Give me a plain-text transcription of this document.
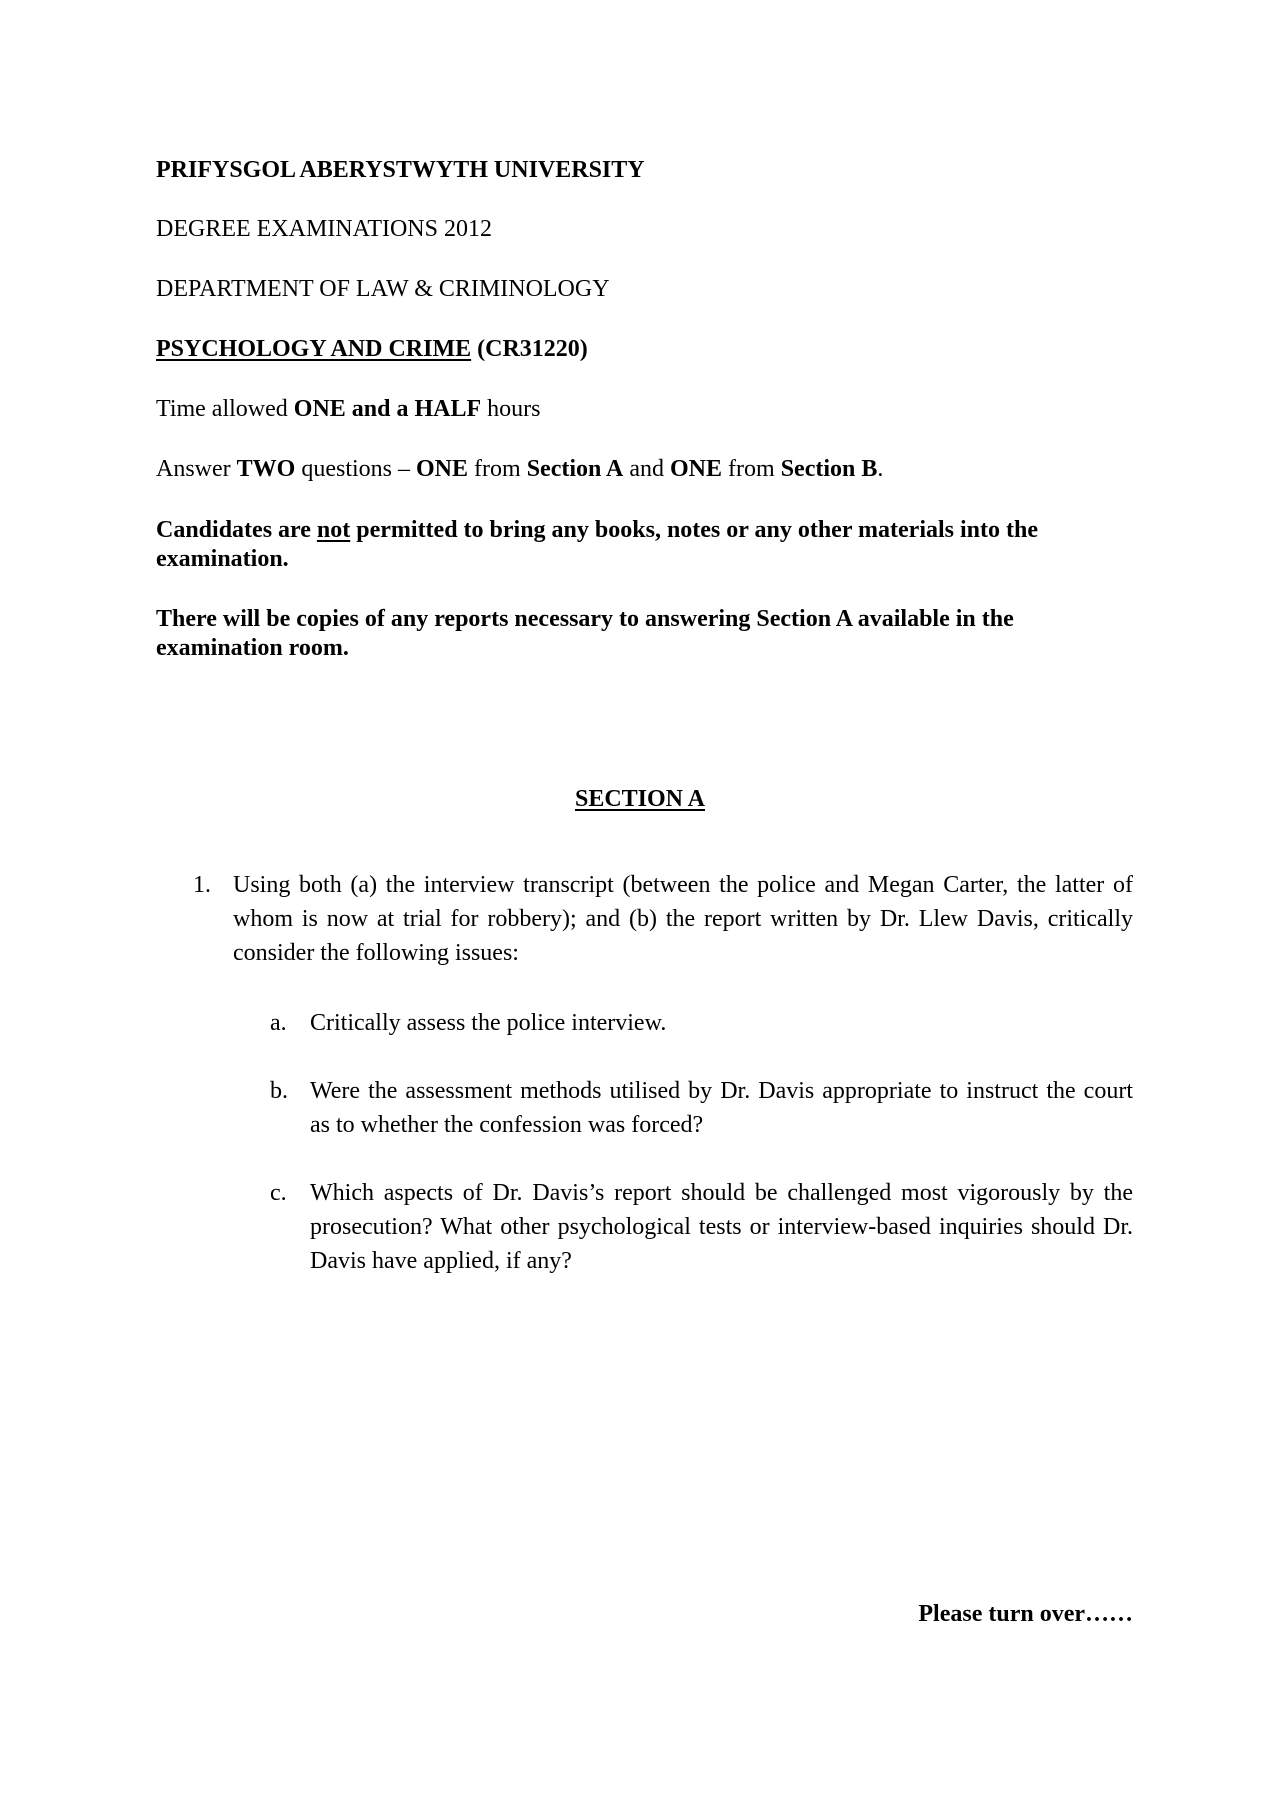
PRIFYSGOL ABERYSTWYTH UNIVERSITY
DEGREE EXAMINATIONS 2012
DEPARTMENT OF LAW & CRIMINOLOGY
PSYCHOLOGY AND CRIME (CR31220)
Time allowed ONE and a HALF hours
Answer TWO questions – ONE from Section A and ONE from Section B.
Candidates are not permitted to bring any books, notes or any other materials into the examination.
There will be copies of any reports necessary to answering Section A available in the examination room.
SECTION A
1. Using both (a) the interview transcript (between the police and Megan Carter, the latter of whom is now at trial for robbery); and (b) the report written by Dr. Llew Davis, critically consider the following issues:
a. Critically assess the police interview.
b. Were the assessment methods utilised by Dr. Davis appropriate to instruct the court as to whether the confession was forced?
c. Which aspects of Dr. Davis’s report should be challenged most vigorously by the prosecution? What other psychological tests or interview-based inquiries should Dr. Davis have applied, if any?
Please turn over……
